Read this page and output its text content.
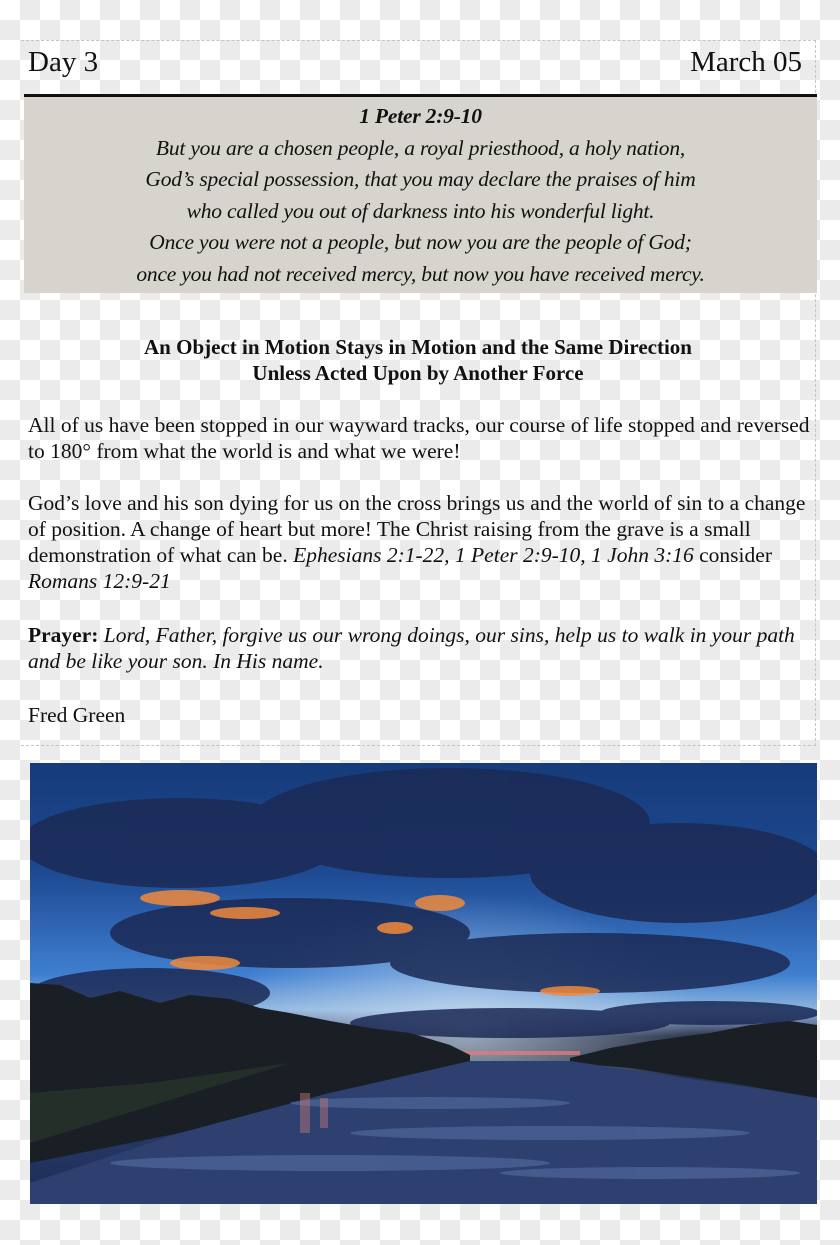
Day 3	March 05
1 Peter 2:9-10
But you are a chosen people, a royal priesthood, a holy nation,
God’s special possession, that you may declare the praises of him
who called you out of darkness into his wonderful light.
Once you were not a people, but now you are the people of God;
once you had not received mercy, but now you have received mercy.
An Object in Motion Stays in Motion and the Same Direction
Unless Acted Upon by Another Force
All of us have been stopped in our wayward tracks, our course of life stopped and reversed to 180° from what the world is and what we were!
God’s love and his son dying for us on the cross brings us and the world of sin to a change of position. A change of heart but more! The Christ raising from the grave is a small demonstration of what can be. Ephesians 2:1-22, 1 Peter 2:9-10, 1 John 3:16 consider Romans 12:9-21
Prayer: Lord, Father, forgive us our wrong doings, our sins, help us to walk in your path and be like your son. In His name.
Fred Green
